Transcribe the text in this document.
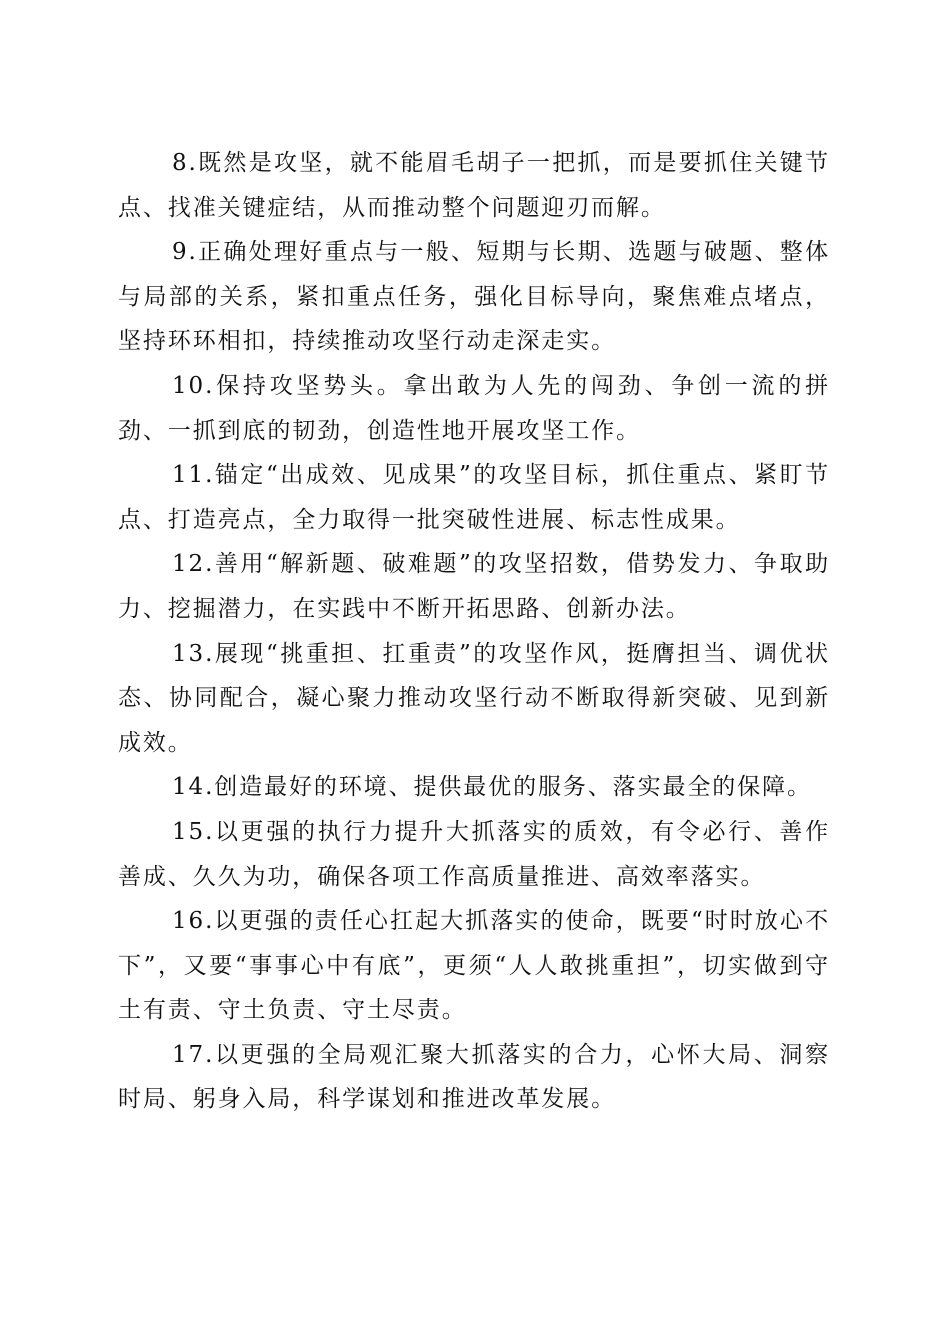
8.既然是攻坚，就不能眉毛胡子一把抓，而是要抓住关键节点、找准关键症结，从而推动整个问题迎刃而解。

9.正确处理好重点与一般、短期与长期、选题与破题、整体与局部的关系，紧扣重点任务，强化目标导向，聚焦难点堵点，坚持环环相扣，持续推动攻坚行动走深走实。

10.保持攻坚势头。拿出敢为人先的闯劲、争创一流的拼劲、一抓到底的韧劲，创造性地开展攻坚工作。

11.锚定“出成效、见成果”的攻坚目标，抓住重点、紧盯节点、打造亮点，全力取得一批突破性进展、标志性成果。

12.善用“解新题、破难题”的攻坚招数，借势发力、争取助力、挖掘潜力，在实践中不断开拓思路、创新办法。

13.展现“挑重担、扛重责”的攻坚作风，挺膺担当、调优状态、协同配合，凝心聚力推动攻坚行动不断取得新突破、见到新成效。

14.创造最好的环境、提供最优的服务、落实最全的保障。

15.以更强的执行力提升大抓落实的质效，有令必行、善作善成、久久为功，确保各项工作高质量推进、高效率落实。

16.以更强的责任心扛起大抓落实的使命，既要“时时放心不下”，又要“事事心中有底”，更须“人人敢挑重担”，切实做到守土有责、守土负责、守土尽责。

17.以更强的全局观汇聚大抓落实的合力，心怀大局、洞察时局、躬身入局，科学谋划和推进改革发展。
